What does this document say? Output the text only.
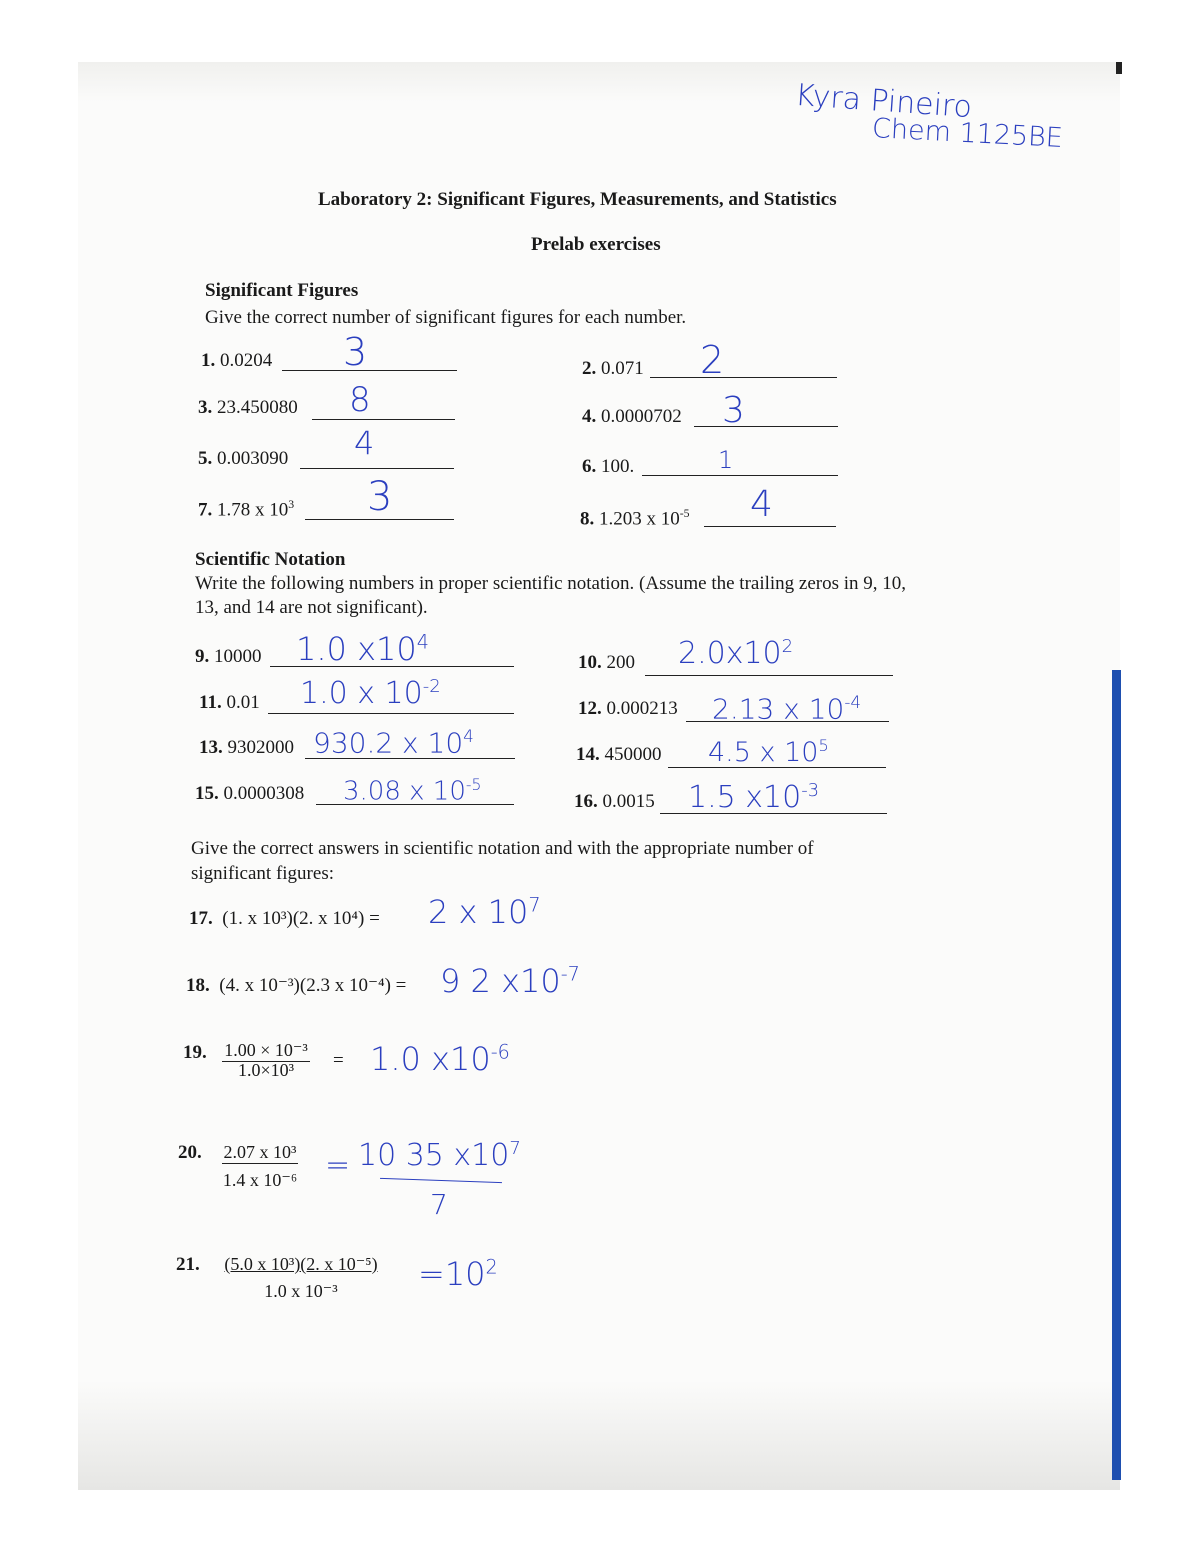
Kyra Pineiro
Chem 1125BE
Laboratory 2: Significant Figures, Measurements, and Statistics
Prelab exercises
Significant Figures
Give the correct number of significant figures for each number.
1. 0.0204 3	2. 0.071 2
3. 23.450080 8	4. 0.0000702 3
5. 0.003090 4
6. 100.	1
7. 1.78 x $10^3$ 3	8. 1.203 x $10^{-5}$ 4
Scientific Notation
Write the following numbers in proper scientific notation. (Assume the trailing zeros in 9, 10,
13, and 14 are not significant).
9. 10000 1.0 $x10^4$
10. 200 $2.0x10^2$
11. 0.01 1.0 x $10^{-2}$
12. 0.000213 2.13 x $10^{-4}$
13. 9302000 930.2 x $10^4$
14. 450000 4.5 x $10^5$
15. 0.0000308 3.08 x $10^{-5}$
16. 0.0015 1.5 $x10^{-3}$
Give the correct answers in scientific notation and with the appropriate number of
significant figures:
17. (1. x 10³)(2. x 10⁴) = 2 x $10^7$
18. (4. x 10⁻³)(2.3 x 10⁻⁴) = 9 2 $x10^{-7}$
19. $\frac{\text{1.00 × 10⁻³}}{\text{1.0×10³}} = 1.0$ $x10^{-6}$
20. $\frac{\text{2.07 x 10³}}{\text{1.4 x 10⁻⁶}} = 10$ 35 $x10^7$
7
21. $\frac{\text{(5.0 x 10³)(2. x 10⁻⁵)}}{\text{1.0 x 10⁻³}} =10^2$
